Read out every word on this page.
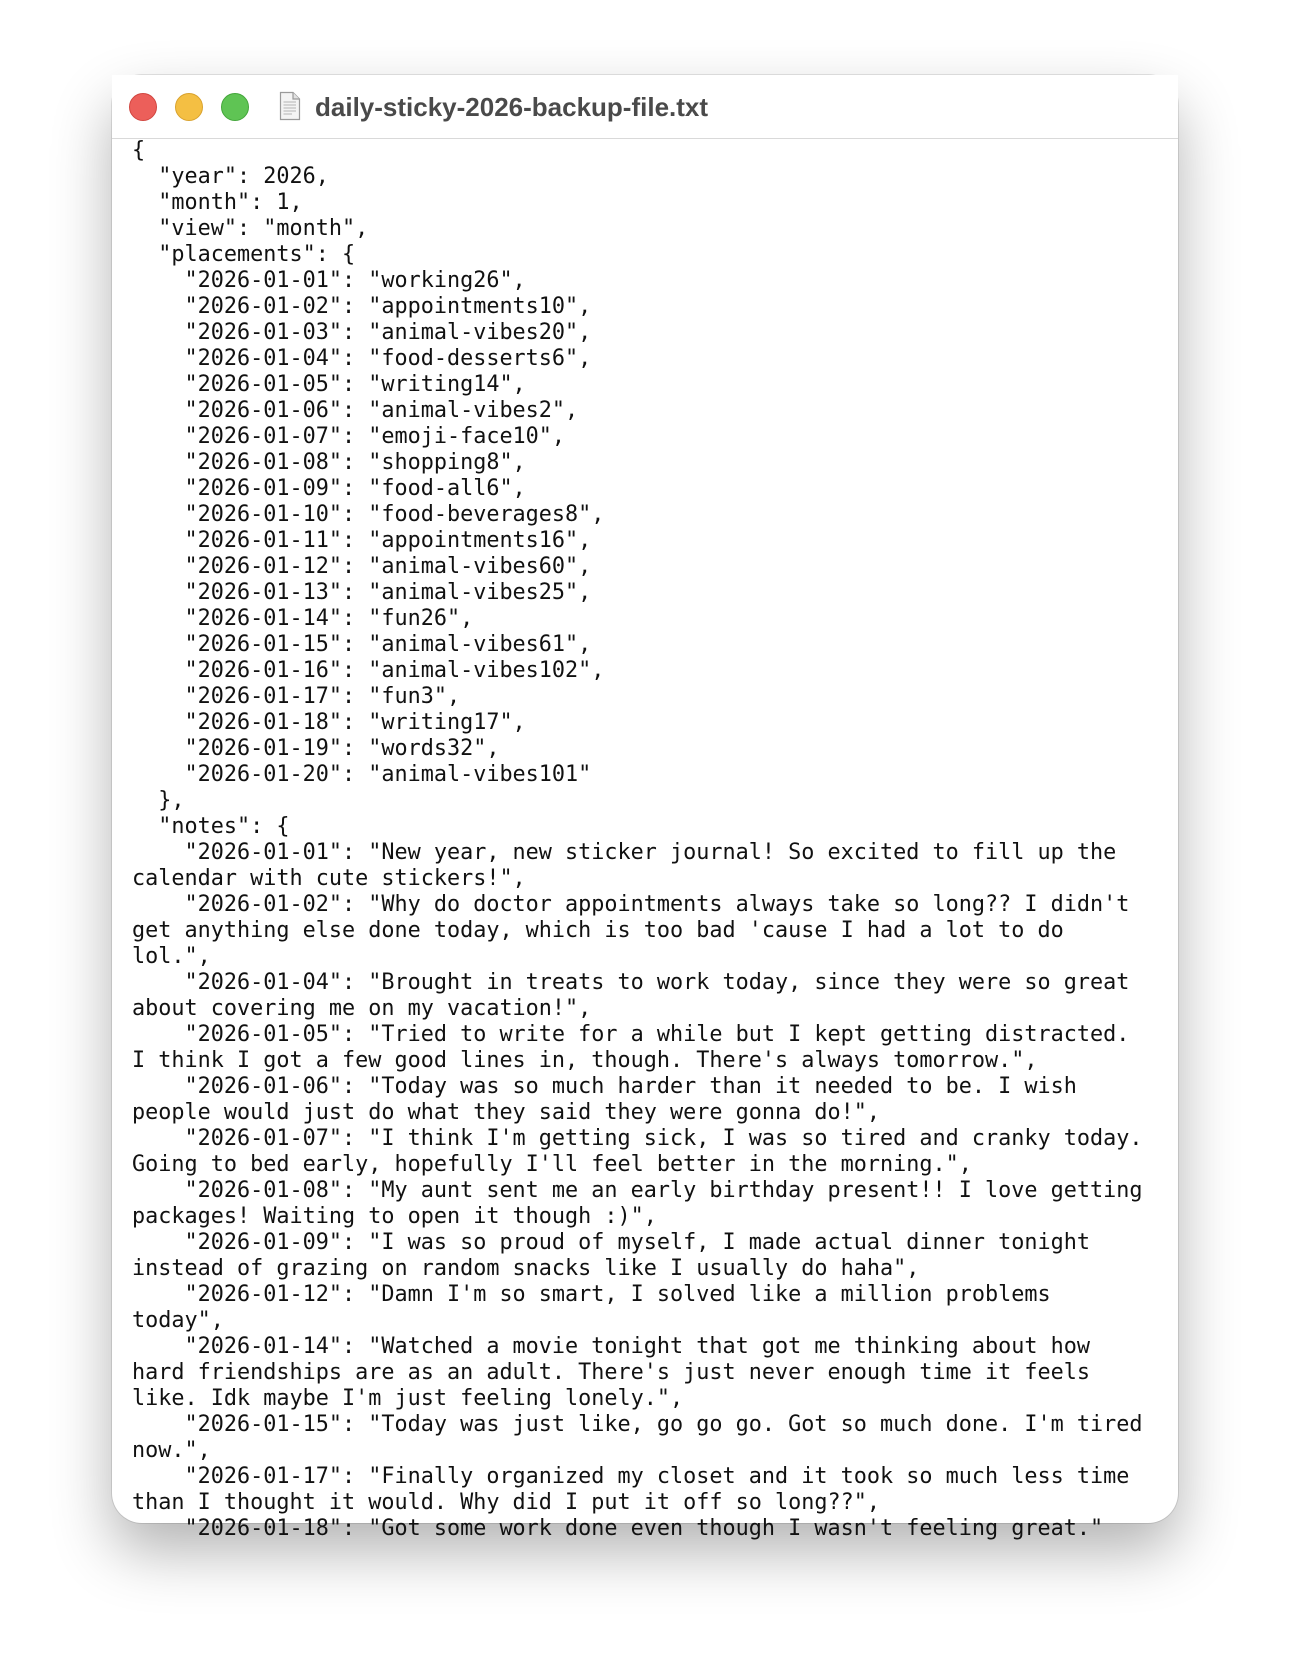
daily-sticky-2026-backup-file.txt
{
"year": 2026,
"month": 1,
"view": "month",
"placements": {
"2026-01-01": "working26",
"2026-01-02": "appointments10",
"2026-01-03": "animal-vibes20",
"2026-01-04": "food-desserts6",
"2026-01-05": "writing14",
"2026-01-06": "animal-vibes2",
"2026-01-07": "emoji-face10",
"2026-01-08": "shopping8",
"2026-01-09": "food-all6",
"2026-01-10": "food-beverages8",
"2026-01-11": "appointments16",
"2026-01-12": "animal-vibes60",
"2026-01-13": "animal-vibes25",
"2026-01-14": "fun26",
"2026-01-15": "animal-vibes61",
"2026-01-16": "animal-vibes102",
"2026-01-17": "fun3",
"2026-01-18": "writing17",
"2026-01-19": "words32",
"2026-01-20": "animal-vibes101"
},
"notes": {
"2026-01-01": "New year, new sticker journal! So excited to fill up the
calendar with cute stickers!",
"2026-01-02": "Why do doctor appointments always take so long?? I didn't
get anything else done today, which is too bad 'cause I had a lot to do
lol.",
"2026-01-04": "Brought in treats to work today, since they were so great
about covering me on my vacation!",
"2026-01-05": "Tried to write for a while but I kept getting distracted.
I think I got a few good lines in, though. There's always tomorrow.",
"2026-01-06": "Today was so much harder than it needed to be. I wish
people would just do what they said they were gonna do!",
"2026-01-07": "I think I'm getting sick, I was so tired and cranky today.
Going to bed early, hopefully I'll feel better in the morning.",
"2026-01-08": "My aunt sent me an early birthday present!! I love getting
packages! Waiting to open it though :)",
"2026-01-09": "I was so proud of myself, I made actual dinner tonight
instead of grazing on random snacks like I usually do haha",
"2026-01-12": "Damn I'm so smart, I solved like a million problems
today",
"2026-01-14": "Watched a movie tonight that got me thinking about how
hard friendships are as an adult. There's just never enough time it feels
like. Idk maybe I'm just feeling lonely.",
"2026-01-15": "Today was just like, go go go. Got so much done. I'm tired
now.",
"2026-01-17": "Finally organized my closet and it took so much less time
than I thought it would. Why did I put it off so long??",
"2026-01-18": "Got some work done even though I wasn't feeling great."
